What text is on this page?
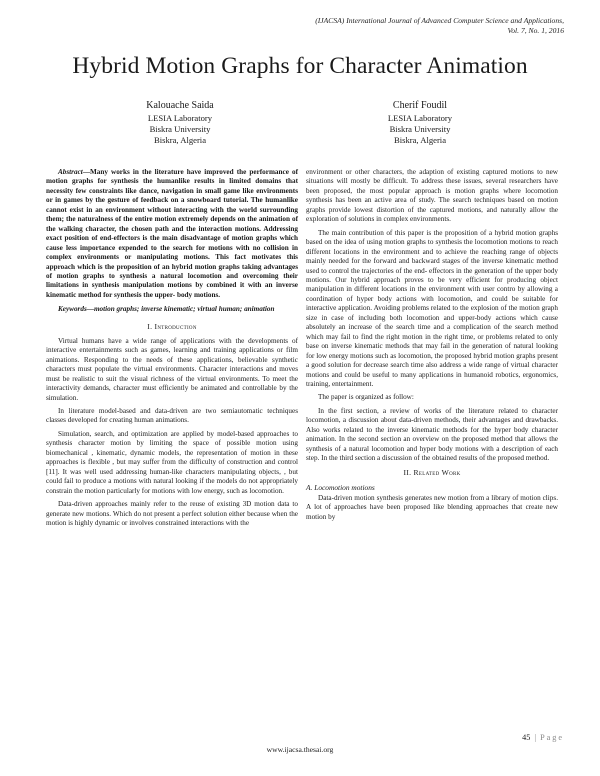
(IJACSA) International Journal of Advanced Computer Science and Applications,
Vol. 7, No. 1, 2016
Hybrid Motion Graphs for Character Animation
Kalouache Saida
LESIA Laboratory
Biskra University
Biskra, Algeria
Cherif Foudil
LESIA Laboratory
Biskra University
Biskra, Algeria

Abstract—Many works in the literature have improved the performance of motion graphs for synthesis the humanlike results in limited domains that necessity few constraints like dance, navigation in small game like environments or in games by the gesture of feedback on a snowboard tutorial. The humanlike cannot exist in an environment without interacting with the world surrounding them; the naturalness of the entire motion extremely depends on the animation of the walking character, the chosen path and the interaction motions. Addressing exact position of end-effectors is the main disadvantage of motion graphs which cause less importance expended to the search for motions with no collision in complex environments or manipulating motions. This fact motivates this approach which is the proposition of an hybrid motion graphs taking advantages of motion graphs to synthesis a natural locomotion and overcoming their limitations in synthesis manipulation motions by combined it with an inverse kinematic method for synthesis the upper- body motions.

Keywords—motion graphs; inverse kinematic; virtual human; animation

I. Introduction

Virtual humans have a wide range of applications with the developments of interactive entertainments such as games, learning and training applications or film animations. Responding to the needs of these applications, believable synthetic characters must populate the virtual environments. Character interactions and moves must be realistic to suit the visual richness of the virtual environments. To meet the interactivity demands, character must efficiently be animated and controllable by the simulation.

In literature model-based and data-driven are two semiautomatic techniques classes developed for creating human animations.

Simulation, search, and optimization are applied by model-based approaches to synthesis character motion by limiting the space of possible motion using biomechanical , kinematic, dynamic models, the representation of motion in these approaches is flexible , but may suffer from the difficulty of construction and control [11]. It was well used addressing human-like characters manipulating objects, , but could fail to produce a motions with natural looking if the models do not appropriately constrain the motion particularly for motions with low energy, such as locomotion.

Data-driven approaches mainly refer to the reuse of existing 3D motion data to generate new motions. Which do not present a perfect solution either because when the motion is highly dynamic or involves constrained interactions with the

environment or other characters, the adaption of existing captured motions to new situations will mostly be difficult. To address these issues, several researchers have been proposed, the most popular approach is motion graphs where locomotion synthesis has been an active area of study. The search techniques based on motion graphs provide lowest distortion of the captured motions, and naturally allow the exploration of solutions in complex environments.

The main contribution of this paper is the proposition of a hybrid motion graphs based on the idea of using motion graphs to synthesis the locomotion motions to reach different locations in the environment and to achieve the reaching range of objects mainly needed for the forward and backward stages of the inverse kinematic method used to control the trajectories of the end- effectors in the generation of the upper body motions. Our hybrid approach proves to be very efficient for producing object manipulation in different locations in the environment with user contro by allowing a coordination of hyper body actions with locomotion, and could be suitable for interactive application. Avoiding problems related to the explosion of the motion graph size in case of including both locomotion and upper-body actions which cause absolutely an increase of the search time and a complication of the search method which may fail to find the right motion in the right time, or problems related to only base on inverse kinematic methods that may fail in the generation of natural looking for low energy motions such as locomotion, the proposed hybrid motion graphs present a good solution for decrease search time also address a wide range of virtual character motions and could be useful to many applications in humanoid robotics, ergonomics, training, entertainment.

The paper is organized as follow:

In the first section, a review of works of the literature related to character locomotion, a discussion about data-driven methods, their advantages and drawbacks. Also works related to the inverse kinematic methods for the hyper body character animation. In the second section an overview on the proposed method that allows the synthesis of a natural locomotion and hyper body motions with a description of each step. In the third section a discussion of the obtained results of the proposed method.

II. Related Work
A. Locomotion motions

Data-driven motion synthesis generates new motion from a library of motion clips. A lot of approaches have been proposed like blending approaches that create new motion by

45 | Page
www.ijacsa.thesai.org
